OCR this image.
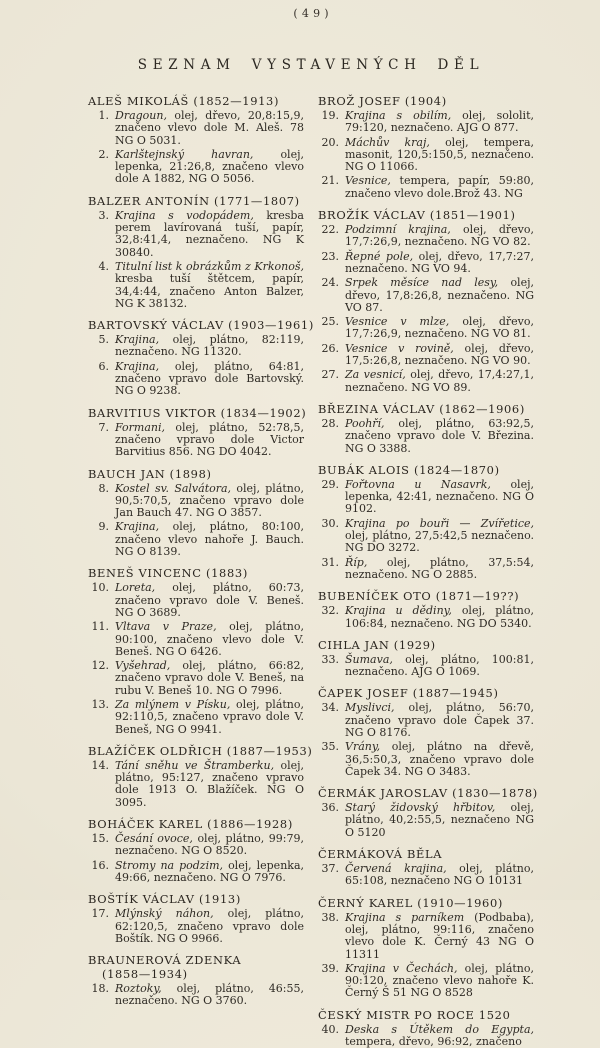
(49)
SEZNAM VYSTAVENÝCH DĚL
ALEŠ MIKOLÁŠ (1852—1913)
1. Dragoun, olej, dřevo, 20,8:15,9, značeno vlevo dole M. Aleš. 78 NG O 5031.
2. Karlštejnský havran, olej, lepenka, 21:26,8, značeno vlevo dole A 1882, NG O 5056.
BALZER ANTONÍN (1771—1807)
3. Krajina s vodopádem, kresba perem lavírovaná tuší, papír, 32,8:41,4, neznačeno. NG K 30840.
4. Titulní list k obrázkům z Krkonoš, kresba tuší štětcem, papír, 34,4:44, značeno Anton Balzer, NG K 38132.
BARTOVSKÝ VÁCLAV (1903—1961)
5. Krajina, olej, plátno, 82:119, neznačeno. NG 11320.
6. Krajina, olej, plátno, 64:81, značeno vpravo dole Bartovský. NG O 9238.
BARVITIUS VIKTOR (1834—1902)
7. Formani, olej, plátno, 52:78,5, značeno vpravo dole Victor Barvitius 856. NG DO 4042.
BAUCH JAN (1898)
8. Kostel sv. Salvátora, olej, plátno, 90,5:70,5, značeno vpravo dole Jan Bauch 47. NG O 3857.
9. Krajina, olej, plátno, 80:100, značeno vlevo nahoře J. Bauch. NG O 8139.
BENEŠ VINCENC (1883)
10. Loreta, olej, plátno, 60:73, značeno vpravo dole V. Beneš. NG O 3689.
11. Vltava v Praze, olej, plátno, 90:100, značeno vlevo dole V. Beneš. NG O 6426.
12. Vyšehrad, olej, plátno, 66:82, značeno vpravo dole V. Beneš, na rubu V. Beneš 10. NG O 7996.
13. Za mlýnem v Písku, olej, plátno, 92:110,5, značeno vpravo dole V. Beneš, NG O 9941.
BLAŽÍČEK OLDŘICH (1887—1953)
14. Tání sněhu ve Štramberku, olej, plátno, 95:127, značeno vpravo dole 1913 O. Blažíček. NG O 3095.
BOHÁČEK KAREL (1886—1928)
15. Česání ovoce, olej, plátno, 99:79, neznačeno. NG O 8520.
16. Stromy na podzim, olej, lepenka, 49:66, neznačeno. NG O 7976.
BOŠTÍK VÁCLAV (1913)
17. Mlýnský náhon, olej, plátno, 62:120,5, značeno vpravo dole Boštík. NG O 9966.
BRAUNEROVÁ ZDENKA
(1858—1934)
18. Roztoky, olej, plátno, 46:55, neznačeno. NG O 3760.
BROŽ JOSEF (1904)
19. Krajina s obilím, olej, sololit, 79:120, neznačeno. AJG O 877.
20. Máchův kraj, olej, tempera, masonit, 120,5:150,5, neznačeno. NG O 11066.
21. Vesnice, tempera, papír, 59:80, značeno vlevo dole.Brož 43. NG
BROŽÍK VÁCLAV (1851—1901)
22. Podzimní krajina, olej, dřevo, 17,7:26,9, neznačeno. NG VO 82.
23. Řepné pole, olej, dřevo, 17,7:27, neznačeno. NG VO 94.
24. Srpek měsíce nad lesy, olej, dřevo, 17,8:26,8, neznačeno. NG VO 87.
25. Vesnice v mlze, olej, dřevo, 17,7:26,9, neznačeno. NG VO 81.
26. Vesnice v rovině, olej, dřevo, 17,5:26,8, neznačeno. NG VO 90.
27. Za vesnicí, olej, dřevo, 17,4:27,1, neznačeno. NG VO 89.
BŘEZINA VÁCLAV (1862—1906)
28. Poohří, olej, plátno, 63:92,5, značeno vpravo dole V. Březina. NG O 3388.
BUBÁK ALOIS (1824—1870)
29. Fořtovna u Nasavrk, olej, lepenka, 42:41, neznačeno. NG O 9102.
30. Krajina po bouři — Zvířetice, olej, plátno, 27,5:42,5 neznačeno. NG DO 3272.
31. Říp, olej, plátno, 37,5:54, neznačeno. NG O 2885.
BUBENÍČEK OTO (1871—19??)
32. Krajina u dědiny, olej, plátno, 106:84, neznačeno. NG DO 5340.
CIHLA JAN (1929)
33. Šumava, olej, plátno, 100:81, neznačeno. AJG O 1069.
ČAPEK JOSEF (1887—1945)
34. Myslivci, olej, plátno, 56:70, značeno vpravo dole Čapek 37. NG O 8176.
35. Vrány, olej, plátno na dřevě, 36,5:50,3, značeno vpravo dole Čapek 34. NG O 3483.
ČERMÁK JAROSLAV (1830—1878)
36. Starý židovský hřbitov, olej, plátno, 40,2:55,5, neznačeno NG O 5120
ČERMÁKOVÁ BĚLA
37. Červená krajina, olej, plátno, 65:108, neznačeno NG O 10131
ČERNÝ KAREL (1910—1960)
38. Krajina s parníkem (Podbaba), olej, plátno, 99:116, značeno vlevo dole K. Černý 43 NG O 11311
39. Krajina v Čechách, olej, plátno, 90:120, značeno vlevo nahoře K. Černý Š 51 NG O 8528
ČESKÝ MISTR PO ROCE 1520
40. Deska s Útěkem do Egypta, tempera, dřevo, 96:92, značeno
